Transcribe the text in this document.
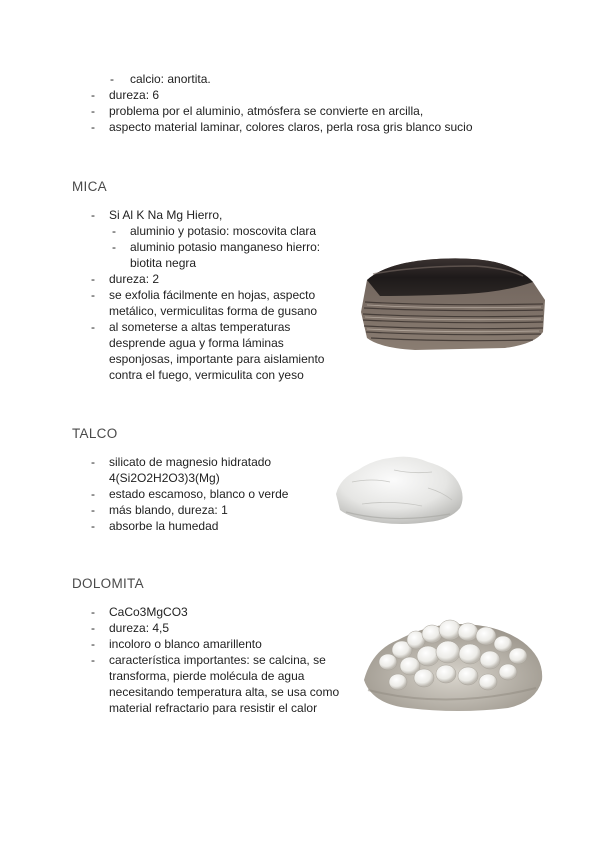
- calcio: anortita.
- dureza: 6
- problema por el aluminio, atmósfera se convierte en arcilla,
- aspecto material laminar, colores claros, perla rosa gris blanco sucio
MICA
- Si Al K Na Mg Hierro,
- aluminio y potasio: moscovita clara
- aluminio potasio manganeso hierro:
biotita negra
- dureza: 2
- se exfolia fácilmente en hojas, aspecto
metálico, vermiculitas forma de gusano
- al someterse a altas temperaturas
desprende agua y forma láminas
esponjosas, importante para aislamiento
contra el fuego, vermiculita con yeso
TALCO
- silicato de magnesio hidratado
4(Si2O2H2O3)3(Mg)
- estado escamoso, blanco o verde
- más blando, dureza: 1
- absorbe la humedad
DOLOMITA
- CaCo3MgCO3
- dureza: 4,5
- incoloro o blanco amarillento
- característica importantes: se calcina, se
transforma, pierde molécula de agua
necesitando temperatura alta, se usa como
material refractario para resistir el calor
